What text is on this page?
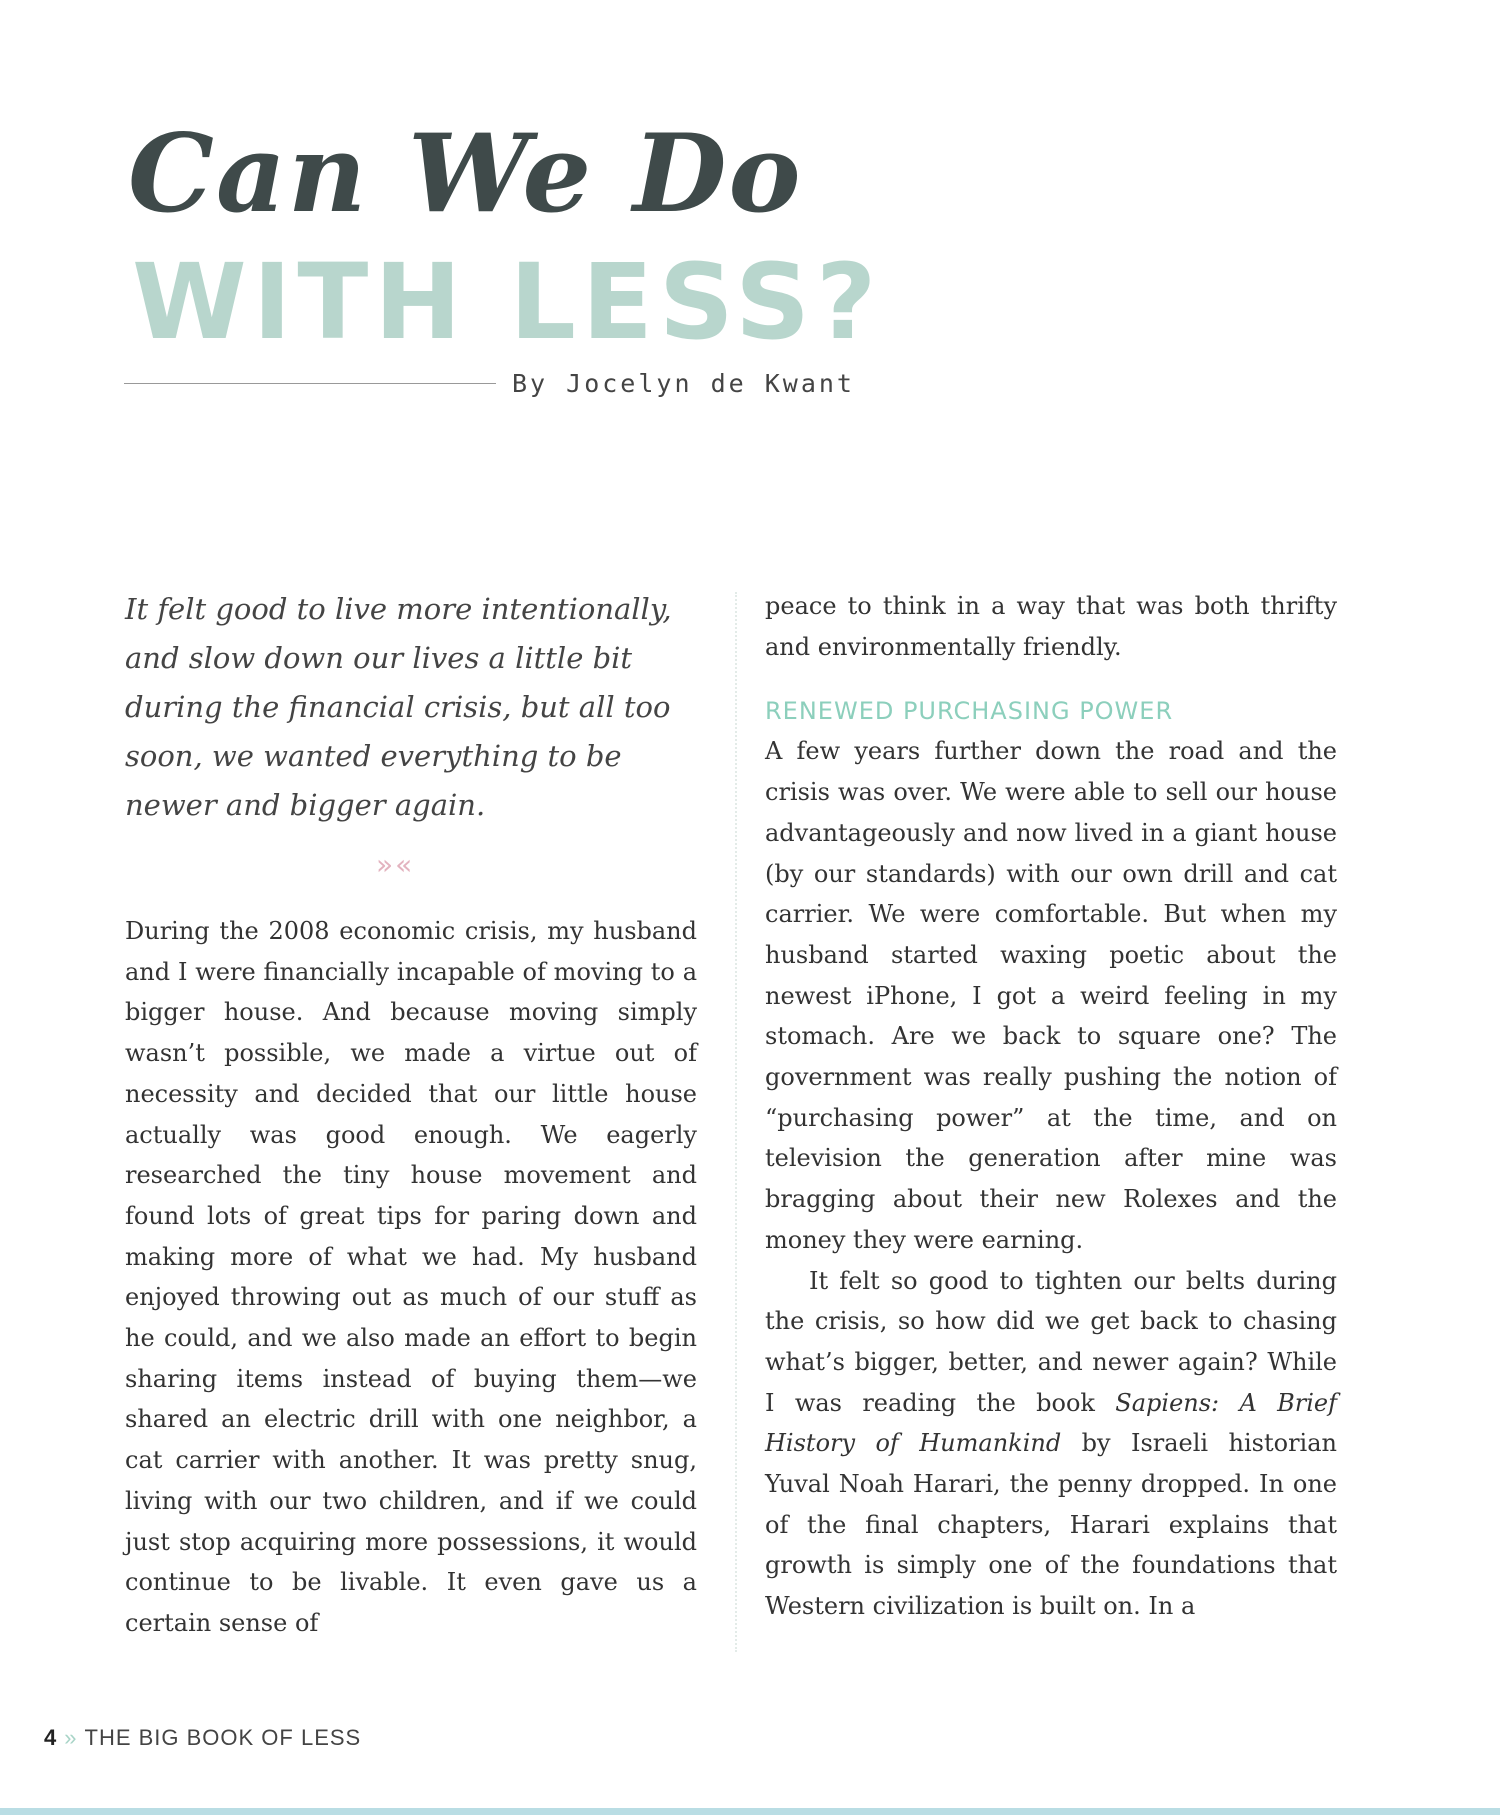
Can We Do
WITH LESS?
By Jocelyn de Kwant

It felt good to live more intentionally, and slow down our lives a little bit during the financial crisis, but all too soon, we wanted everything to be newer and bigger again.

»«

During the 2008 economic crisis, my husband and I were financially incapable of moving to a bigger house. And because moving simply wasn’t possible, we made a virtue out of necessity and decided that our little house actually was good enough. We eagerly researched the tiny house movement and found lots of great tips for paring down and making more of what we had. My husband enjoyed throwing out as much of our stuff as he could, and we also made an effort to begin sharing items instead of buying them—we shared an electric drill with one neighbor, a cat carrier with another. It was pretty snug, living with our two children, and if we could just stop acquiring more possessions, it would continue to be livable. It even gave us a certain sense of

peace to think in a way that was both thrifty and environmentally friendly.

RENEWED PURCHASING POWER

A few years further down the road and the crisis was over. We were able to sell our house advantageously and now lived in a giant house (by our standards) with our own drill and cat carrier. We were comfortable. But when my husband started waxing poetic about the newest iPhone, I got a weird feeling in my stomach. Are we back to square one? The government was really pushing the notion of “purchasing power” at the time, and on television the generation after mine was bragging about their new Rolexes and the money they were earning.

It felt so good to tighten our belts during the crisis, so how did we get back to chasing what’s bigger, better, and newer again? While I was reading the book Sapiens: A Brief History of Humankind by Israeli historian Yuval Noah Harari, the penny dropped. In one of the final chapters, Harari explains that growth is simply one of the foundations that Western civilization is built on. In a

4 » THE BIG BOOK OF LESS
